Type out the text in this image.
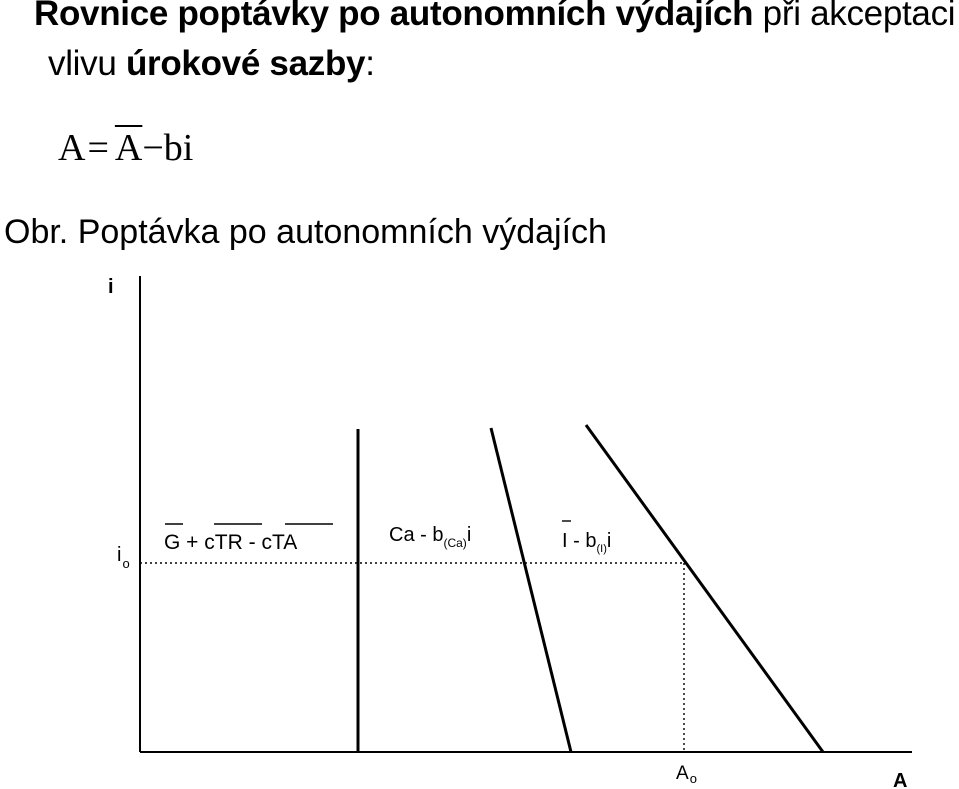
Rovnice poptávky po autonomních výdajích při akceptaci
vlivu úrokové sazby:
$A= \overline{A}-bi$
Obr. Poptávka po autonomních výdajích
i
A
$i_o$
$A_o$
G + cTR - cTA	Ca - $b_{(Ca)}i$	I - $b_{(I)}i$
